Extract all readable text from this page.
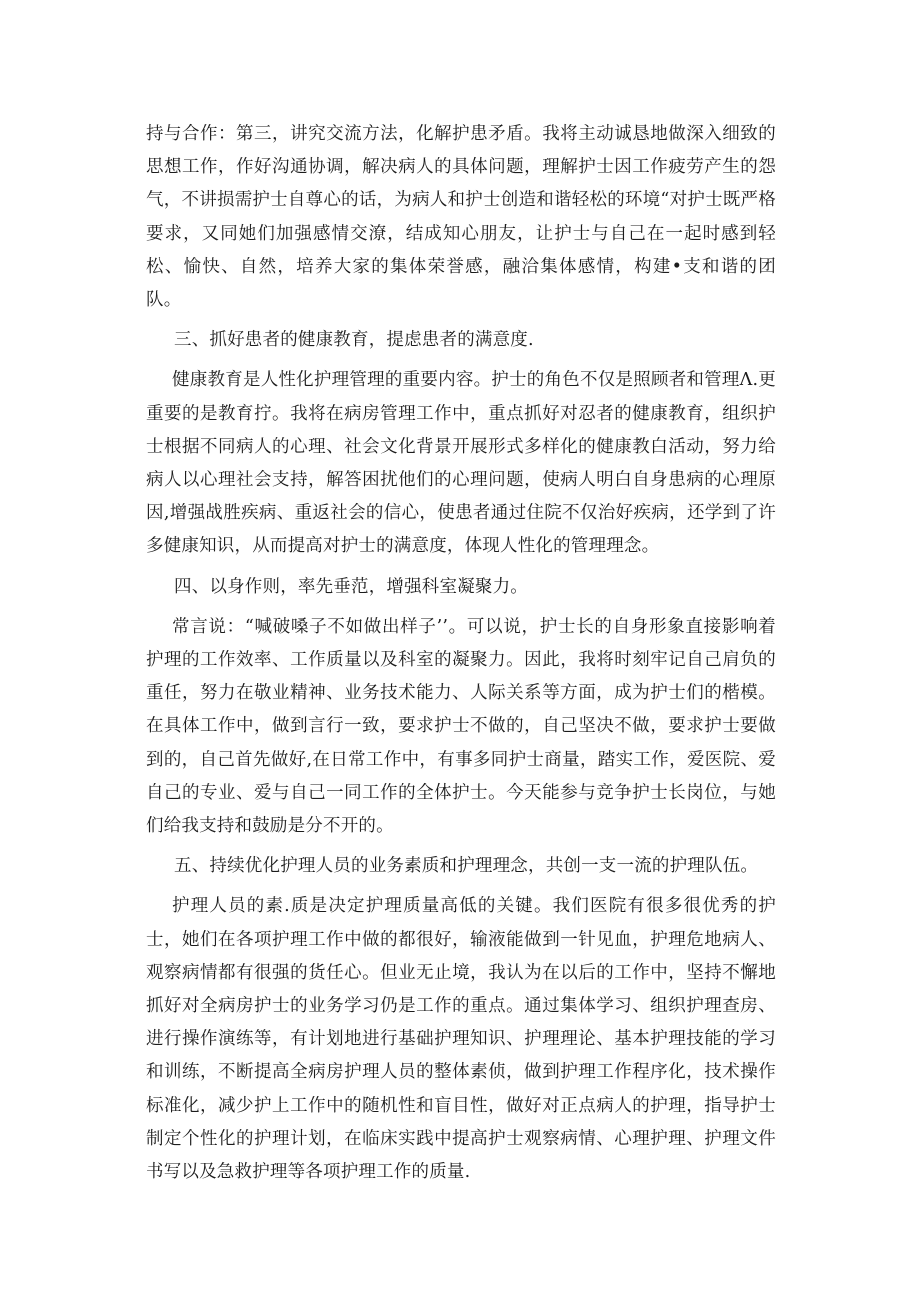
持与合作：第三，讲究交流方法，化解护患矛盾。我将主动诚恳地做深入细致的思想工作，作好沟通协调，解决病人的具体问题，理解护士因工作疲劳产生的怨气，不讲损需护士自尊心的话，为病人和护士创造和谐轻松的环境“对护士既严格要求，又同她们加强感情交潦，结成知心朋友，让护士与自己在一起时感到轻松、愉快、自然，培养大家的集体荣誉感，融洽集体感情，构建•支和谐的团队。

三、抓好患者的健康教育，提虑患者的满意度.

健康教育是人性化护理管理的重要内容。护士的角色不仅是照顾者和管理Λ.更重要的是教育拧。我将在病房管理工作中，重点抓好对忍者的健康教育，组织护士根据不同病人的心理、社会文化背景开展形式多样化的健康教白活动，努力给病人以心理社会支持，解答困扰他们的心理问题，使病人明白自身患病的心理原因,增强战胜疾病、重返社会的信心，使患者通过住院不仅治好疾病，还学到了许多健康知识，从而提高对护士的满意度，体现人性化的管理理念。

四、以身作则，率先垂范，增强科室凝聚力。

常言说：“喊破嗓子不如做出样子’’。可以说，护士长的自身形象直接影响着护理的工作效率、工作质量以及科室的凝聚力。因此，我将时刻牢记自己肩负的重任，努力在敬业精神、业务技术能力、人际关系等方面，成为护士们的楷模。在具体工作中，做到言行一致，要求护士不做的，自己坚决不做，要求护士要做到的，自己首先做好,在日常工作中，有事多同护士商量，踏实工作，爱医院、爱自己的专业、爱与自己一同工作的全体护士。今天能参与竞争护士长岗位，与她们给我支持和鼓励是分不开的。

五、持续优化护理人员的业务素质和护理理念，共创一支一流的护理队伍。

护理人员的素.质是决定护理质量高低的关键。我们医院有很多很优秀的护士，她们在各项护理工作中做的都很好，输液能做到一针见血，护理危地病人、观察病情都有很强的货任心。但业无止境，我认为在以后的工作中，坚持不懈地抓好对全病房护士的业务学习仍是工作的重点。通过集体学习、组织护理查房、进行操作演练等，有计划地进行基础护理知识、护理理论、基本护理技能的学习和训练，不断提高全病房护理人员的整体素侦，做到护理工作程序化，技术操作标准化，减少护上工作中的随机性和盲目性，做好对正点病人的护理，指导护士制定个性化的护理计划，在临床实践中提高护士观察病情、心理护理、护理文件书写以及急救护理等各项护理工作的质量.
